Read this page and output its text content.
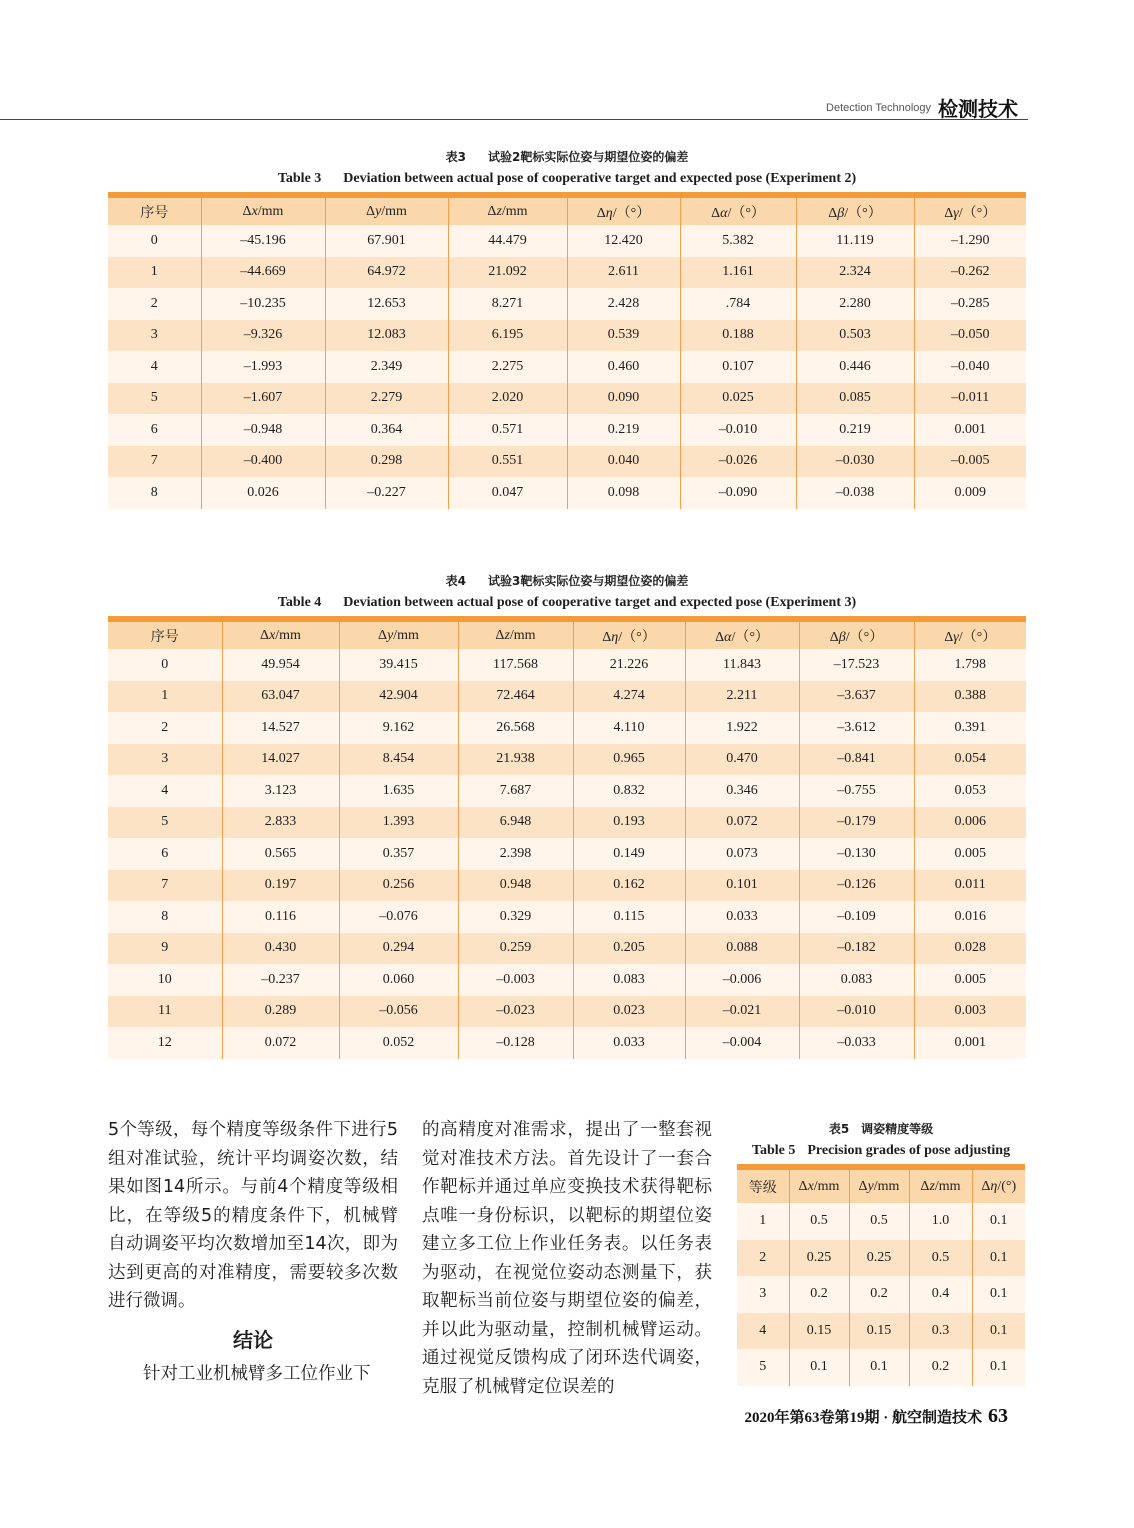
Detection Technology 检测技术
表3 试验2靶标实际位姿与期望位姿的偏差
Table 3 Deviation between actual pose of cooperative target and expected pose (Experiment 2)
序号	Δx/mm	Δy/mm	Δz/mm	Δη/（°）	Δα/（°）	Δβ/（°）	Δγ/（°）
0	–45.196	67.901	44.479	12.420	5.382	11.119	–1.290
1	–44.669	64.972	21.092	2.611	1.161	2.324	–0.262
2	–10.235	12.653	8.271	2.428	.784	2.280	–0.285
3	–9.326	12.083	6.195	0.539	0.188	0.503	–0.050
4	–1.993	2.349	2.275	0.460	0.107	0.446	–0.040
5	–1.607	2.279	2.020	0.090	0.025	0.085	–0.011
6	–0.948	0.364	0.571	0.219	–0.010	0.219	0.001
7	–0.400	0.298	0.551	0.040	–0.026	–0.030	–0.005
8	0.026	–0.227	0.047	0.098	–0.090	–0.038	0.009
表4 试验3靶标实际位姿与期望位姿的偏差
Table 4 Deviation between actual pose of cooperative target and expected pose (Experiment 3)
序号	Δx/mm	Δy/mm	Δz/mm	Δη/（°）	Δα/（°）	Δβ/（°）	Δγ/（°）
0	49.954	39.415	117.568	21.226	11.843	–17.523	1.798
1	63.047	42.904	72.464	4.274	2.211	–3.637	0.388
2	14.527	9.162	26.568	4.110	1.922	–3.612	0.391
3	14.027	8.454	21.938	0.965	0.470	–0.841	0.054
4	3.123	1.635	7.687	0.832	0.346	–0.755	0.053
5	2.833	1.393	6.948	0.193	0.072	–0.179	0.006
6	0.565	0.357	2.398	0.149	0.073	–0.130	0.005
7	0.197	0.256	0.948	0.162	0.101	–0.126	0.011
8	0.116	–0.076	0.329	0.115	0.033	–0.109	0.016
9	0.430	0.294	0.259	0.205	0.088	–0.182	0.028
10	–0.237	0.060	–0.003	0.083	–0.006	0.083	0.005
11	0.289	–0.056	–0.023	0.023	–0.021	–0.010	0.003
12	0.072	0.052	–0.128	0.033	–0.004	–0.033	0.001

5个等级，每个精度等级条件下进行5组对准试验，统计平均调姿次数，结果如图14所示。与前4个精度等级相比，在等级5的精度条件下，机械臂自动调姿平均次数增加至14次，即为达到更高的对准精度，需要较多次数进行微调。

结论

针对工业机械臂多工位作业下

的高精度对准需求，提出了一整套视觉对准技术方法。首先设计了一套合作靶标并通过单应变换技术获得靶标点唯一身份标识，以靶标的期望位姿建立多工位上作业任务表。以任务表为驱动，在视觉位姿动态测量下，获取靶标当前位姿与期望位姿的偏差，并以此为驱动量，控制机械臂运动。通过视觉反馈构成了闭环迭代调姿，克服了机械臂定位误差的

表5 调姿精度等级
Table 5 Precision grades of pose adjusting
等级	Δx/mm	Δy/mm	Δz/mm	Δη/(°)
1	0.5	0.5	1.0	0.1
2	0.25	0.25	0.5	0.1
3	0.2	0.2	0.4	0.1
4	0.15	0.15	0.3	0.1
5	0.1	0.1	0.2	0.1
2020年第63卷第19期 · 航空制造技术 63
